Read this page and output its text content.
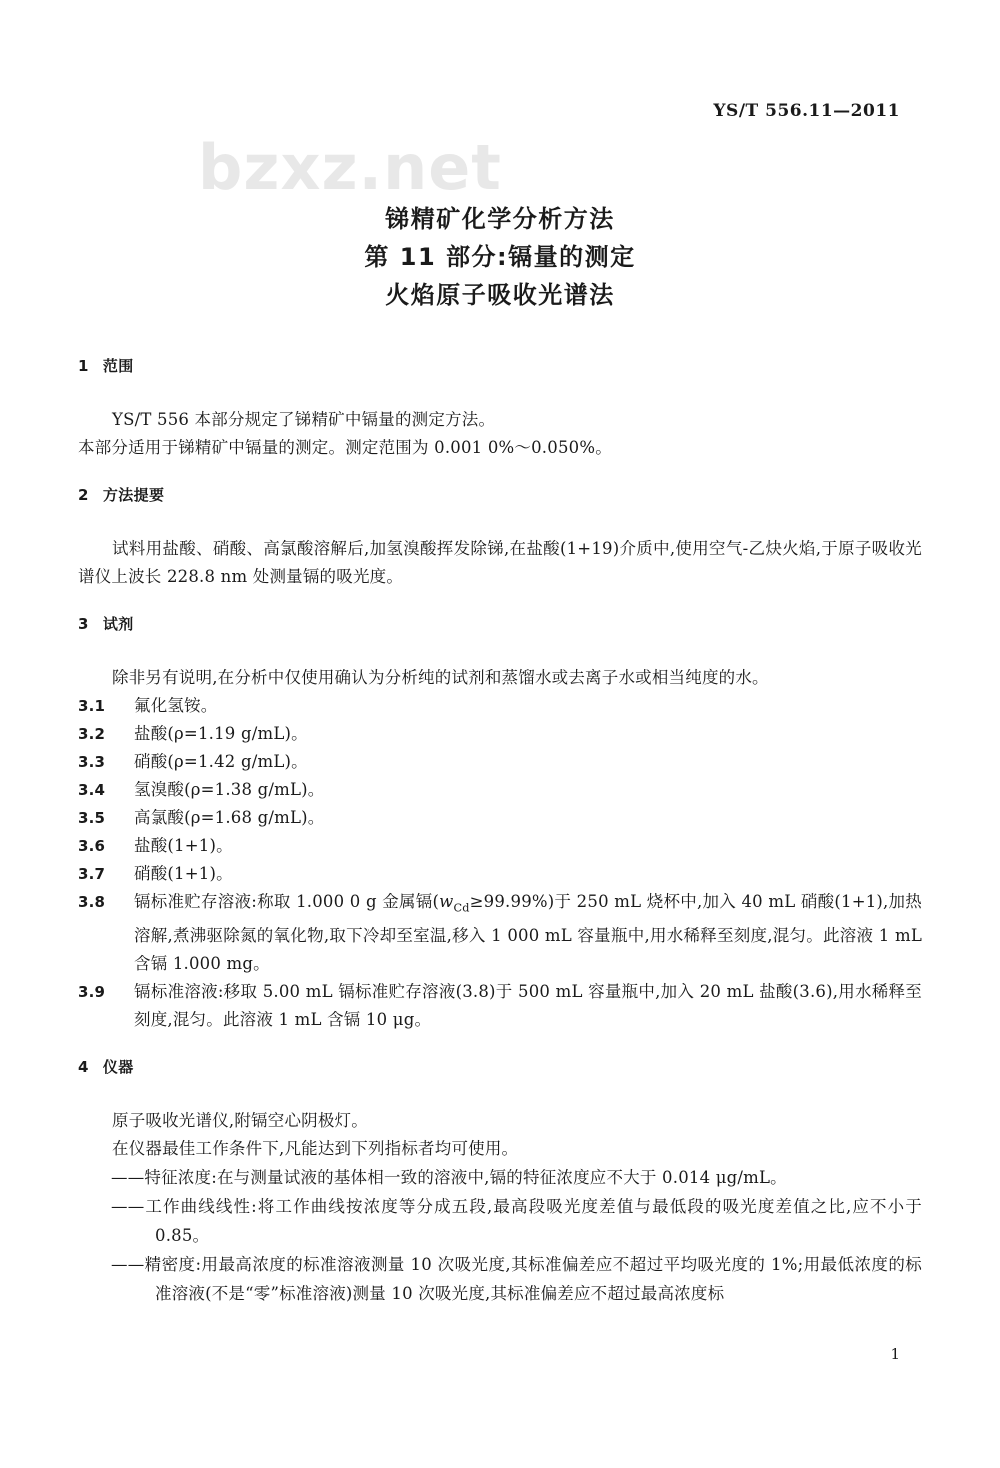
bzxz.net
YS/T 556.11—2011
锑精矿化学分析方法
第 11 部分:镉量的测定
火焰原子吸收光谱法
1 范围
YS/T 556 本部分规定了锑精矿中镉量的测定方法。
本部分适用于锑精矿中镉量的测定。测定范围为 0.001 0%～0.050%。
2 方法提要
试料用盐酸、硝酸、高氯酸溶解后,加氢溴酸挥发除锑,在盐酸(1+19)介质中,使用空气-乙炔火焰,于原子吸收光谱仪上波长 228.8 nm 处测量镉的吸光度。
3 试剂
除非另有说明,在分析中仅使用确认为分析纯的试剂和蒸馏水或去离子水或相当纯度的水。
3.1 氟化氢铵。
3.2 盐酸(ρ=1.19 g/mL)。
3.3 硝酸(ρ=1.42 g/mL)。
3.4 氢溴酸(ρ=1.38 g/mL)。
3.5 高氯酸(ρ=1.68 g/mL)。
3.6 盐酸(1+1)。
3.7 硝酸(1+1)。
3.8 镉标准贮存溶液:称取 1.000 0 g 金属镉$(w_{Cd}\ge 99.99\%)$于 250 mL 烧杯中,加入 40 mL 硝酸(1+1),加热溶解,煮沸驱除氮的氧化物,取下冷却至室温,移入 1 000 mL 容量瓶中,用水稀释至刻度,混匀。此溶液 1 mL 含镉 1.000 mg。
3.9 镉标准溶液:移取 5.00 mL 镉标准贮存溶液(3.8)于 500 mL 容量瓶中,加入 20 mL 盐酸(3.6),用水稀释至刻度,混匀。此溶液 1 mL 含镉 10 μg。
4 仪器
原子吸收光谱仪,附镉空心阴极灯。
在仪器最佳工作条件下,凡能达到下列指标者均可使用。
——特征浓度:在与测量试液的基体相一致的溶液中,镉的特征浓度应不大于 0.014 μg/mL。
——工作曲线线性:将工作曲线按浓度等分成五段,最高段吸光度差值与最低段的吸光度差值之比,应不小于 0.85。
——精密度:用最高浓度的标准溶液测量 10 次吸光度,其标准偏差应不超过平均吸光度的 1%;用最低浓度的标准溶液(不是“零”标准溶液)测量 10 次吸光度,其标准偏差应不超过最高浓度标
1
